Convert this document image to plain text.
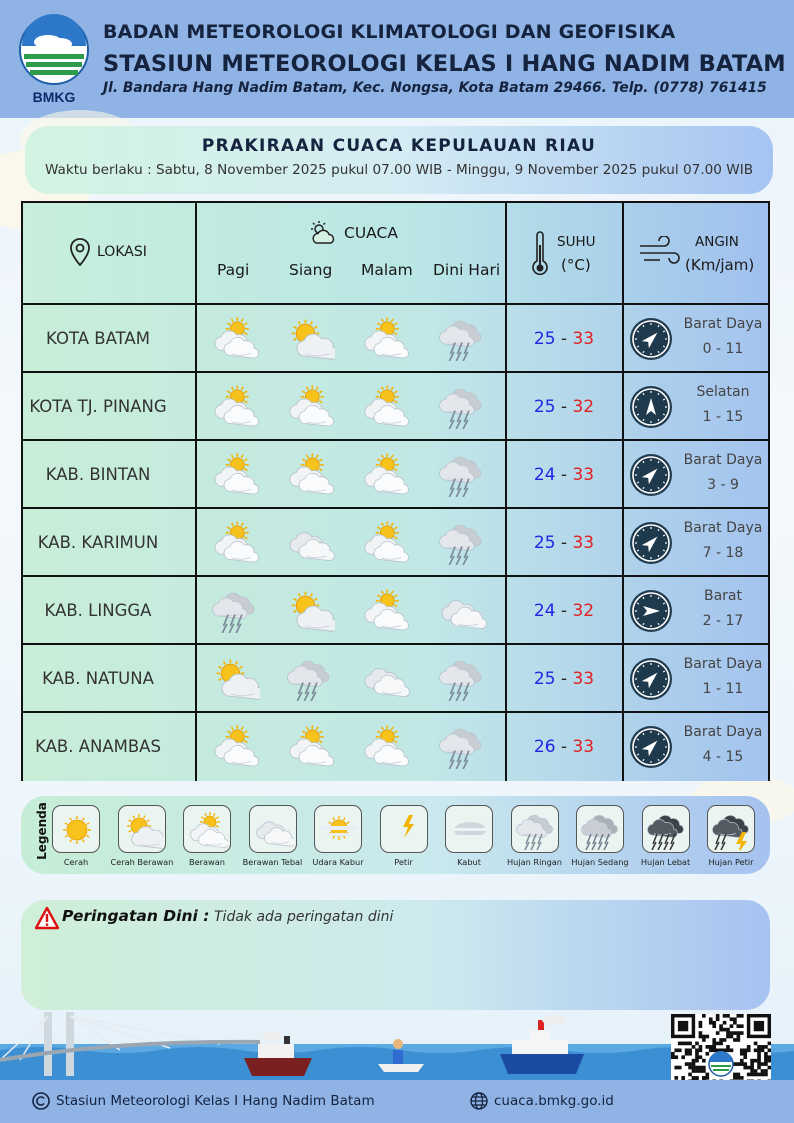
BMKG
BADAN METEOROLOGI KLIMATOLOGI DAN GEOFISIKA
STASIUN METEOROLOGI KELAS I HANG NADIM BATAM
Jl. Bandara Hang Nadim Batam, Kec. Nongsa, Kota Batam 29466. Telp. (0778) 761415
PRAKIRAAN CUACA KEPULAUAN RIAU
Waktu berlaku : Sabtu, 8 November 2025 pukul 07.00 WIB - Minggu, 9 November 2025 pukul 07.00 WIB
LOKASI
CUACA
Pagi	Siang Malam Dini Hari
SUHU
(°C)
ANGIN
(Km/jam)
KOTA BATAM	25 - 33
Barat Daya
0 - 11
KOTA TJ. PINANG	25 - 32
Selatan
1 - 15
KAB. BINTAN	24 - 33
Barat Daya
3 - 9
KAB. KARIMUN	25 - 33
Barat Daya
7 - 18
KAB. LINGGA	24 - 32
Barat
2 - 17
KAB. NATUNA	25 - 33
Barat Daya
1 - 11
KAB. ANAMBAS	26 - 33
Barat Daya
4 - 15
Legenda
Cerah	Cerah Berawan	Berawan	Berawan Tebal	Udara Kabur	Petir	Kabut	Hujan Ringan	Hujan Sedang	Hujan Lebat	Hujan Petir
Peringatan Dini : Tidak ada peringatan dini
Stasiun Meteorologi Kelas I Hang Nadim Batam	cuaca.bmkg.go.id
